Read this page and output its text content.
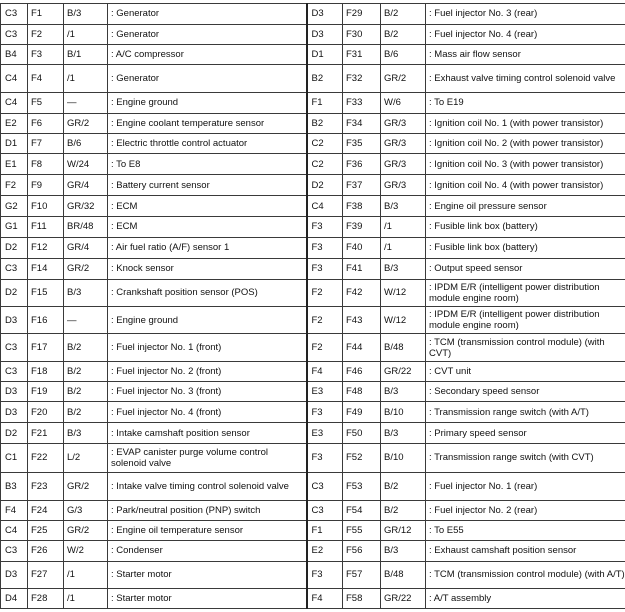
C3	F1	B/3	: Generator	D3	F29	B/2	: Fuel injector No. 3 (rear)
C3	F2	/1	: Generator	D3	F30	B/2	: Fuel injector No. 4 (rear)
B4	F3	B/1	: A/C compressor	D1	F31	B/6	: Mass air flow sensor
C4	F4	/1	: Generator	B2	F32	GR/2	: Exhaust valve timing control solenoid valve
C4	F5	—	: Engine ground	F1	F33	W/6	: To E19
E2	F6	GR/2	: Engine coolant temperature sensor	B2	F34	GR/3	: Ignition coil No. 1 (with power transistor)
D1	F7	B/6	: Electric throttle control actuator	C2	F35	GR/3	: Ignition coil No. 2 (with power transistor)
E1	F8	W/24	: To E8	C2	F36	GR/3	: Ignition coil No. 3 (with power transistor)
F2	F9	GR/4	: Battery current sensor	D2	F37	GR/3	: Ignition coil No. 4 (with power transistor)
G2	F10	GR/32	: ECM	C4	F38	B/3	: Engine oil pressure sensor
G1	F11	BR/48	: ECM	F3	F39	/1	: Fusible link box (battery)
D2	F12	GR/4	: Air fuel ratio (A/F) sensor 1	F3	F40	/1	: Fusible link box (battery)
C3	F14	GR/2	: Knock sensor	F3	F41	B/3	: Output speed sensor
D2	F15	B/3	: Crankshaft position sensor (POS)	F2	F42	W/12	: IPDM E/R (intelligent power distribution module engine room)
D3	F16	—	: Engine ground	F2	F43	W/12	: IPDM E/R (intelligent power distribution module engine room)
C3	F17	B/2	: Fuel injector No. 1 (front)	F2	F44	B/48	: TCM (transmission control module) (with CVT)
C3	F18	B/2	: Fuel injector No. 2 (front)	F4	F46	GR/22	: CVT unit
D3	F19	B/2	: Fuel injector No. 3 (front)	E3	F48	B/3	: Secondary speed sensor
D3	F20	B/2	: Fuel injector No. 4 (front)	F3	F49	B/10	: Transmission range switch (with A/T)
D2	F21	B/3	: Intake camshaft position sensor	E3	F50	B/3	: Primary speed sensor
C1	F22	L/2	: EVAP canister purge volume control solenoid valve	F3	F52	B/10	: Transmission range switch (with CVT)
B3	F23	GR/2	: Intake valve timing control solenoid valve	C3	F53	B/2	: Fuel injector No. 1 (rear)
F4	F24	G/3	: Park/neutral position (PNP) switch	C3	F54	B/2	: Fuel injector No. 2 (rear)
C4	F25	GR/2	: Engine oil temperature sensor	F1	F55	GR/12	: To E55
C3	F26	W/2	: Condenser	E2	F56	B/3	: Exhaust camshaft position sensor
D3	F27	/1	: Starter motor	F3	F57	B/48	: TCM (transmission control module) (with A/T)
D4	F28	/1	: Starter motor	F4	F58	GR/22	: A/T assembly
